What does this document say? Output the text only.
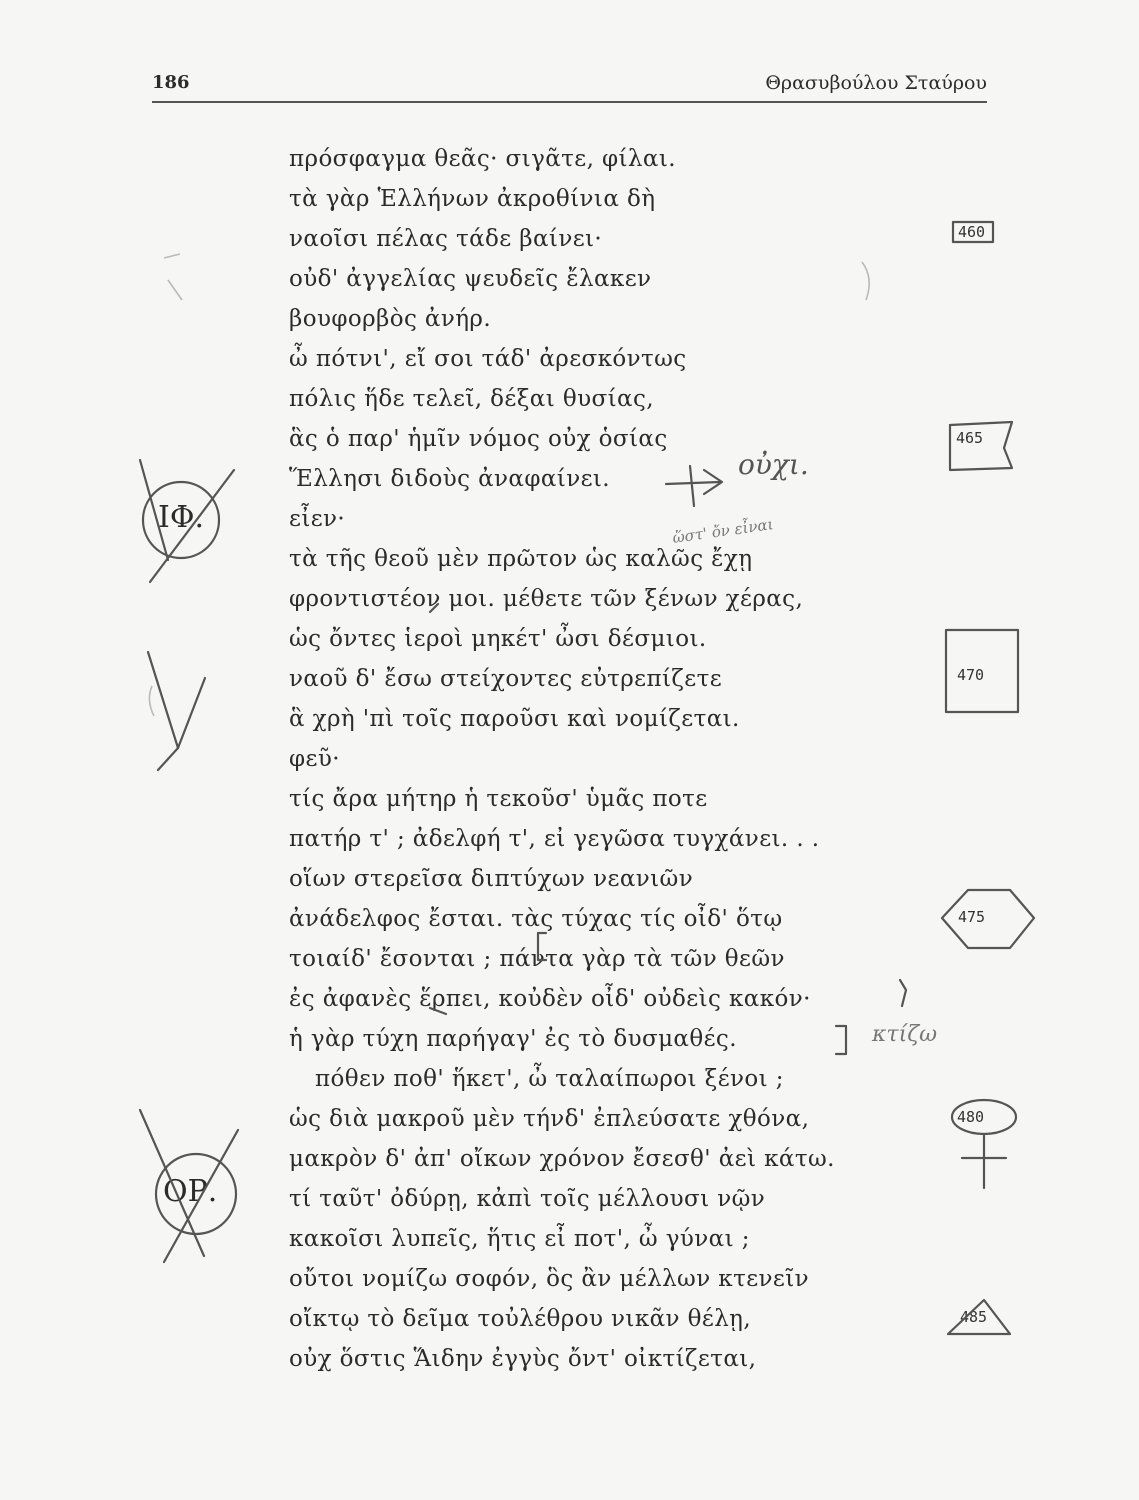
186	Θρασυβούλου Σταύρου
πρόσφαγμα θεᾶς· σιγᾶτε, φίλαι.
τὰ γὰρ Ἑλλήνων ἀκροθίνια δὴ
ναοῖσι πέλας τάδε βαίνει·
οὐδ' ἀγγελίας ψευδεῖς ἔλακεν
βουφορβὸς ἀνήρ.
ὦ πότνι', εἴ σοι τάδ' ἀρεσκόντως
πόλις ἥδε τελεῖ, δέξαι θυσίας,
ἃς ὁ παρ' ἡμῖν νόμος οὐχ ὁσίας
Ἕλλησι διδοὺς ἀναφαίνει.
εἶεν·
τὰ τῆς θεοῦ μὲν πρῶτον ὡς καλῶς ἔχῃ
φροντιστέον μοι. μέθετε τῶν ξένων χέρας,
ὡς ὄντες ἱεροὶ μηκέτ' ὦσι δέσμιοι.
ναοῦ δ' ἔσω στείχοντες εὐτρεπίζετε
ἃ χρὴ 'πὶ τοῖς παροῦσι καὶ νομίζεται.
φεῦ·
τίς ἄρα μήτηρ ἡ τεκοῦσ' ὑμᾶς ποτε
πατήρ τ' ; ἀδελφή τ', εἰ γεγῶσα τυγχάνει. . .
οἵων στερεῖσα διπτύχων νεανιῶν
ἀνάδελφος ἔσται. τὰς τύχας τίς οἶδ' ὅτῳ
τοιαίδ' ἔσονται ; πάντα γὰρ τὰ τῶν θεῶν
ἐς ἀφανὲς ἕρπει, κοὐδὲν οἶδ' οὐδεὶς κακόν·
ἡ γὰρ τύχη παρήγαγ' ἐς τὸ δυσμαθές.
πόθεν ποθ' ἥκετ', ὦ ταλαίπωροι ξένοι ;
ὡς διὰ μακροῦ μὲν τήνδ' ἐπλεύσατε χθόνα,
μακρὸν δ' ἀπ' οἴκων χρόνον ἔσεσθ' ἀεὶ κάτω.
τί ταῦτ' ὀδύρῃ, κἀπὶ τοῖς μέλλουσι νῷν
κακοῖσι λυπεῖς, ἥτις εἶ ποτ', ὦ γύναι ;
οὔτοι νομίζω σοφόν, ὃς ἂν μέλλων κτενεῖν
οἴκτῳ τὸ δεῖμα τοὐλέθρου νικᾶν θέλῃ,
οὐχ ὅστις Ἅιδην ἐγγὺς ὄντ' οἰκτίζεται,
460
465
470
475
480
485
ΙΦ.
ΟΡ.
οὐχι.
ὥστ' ὄν εἶναι
κτίζω
